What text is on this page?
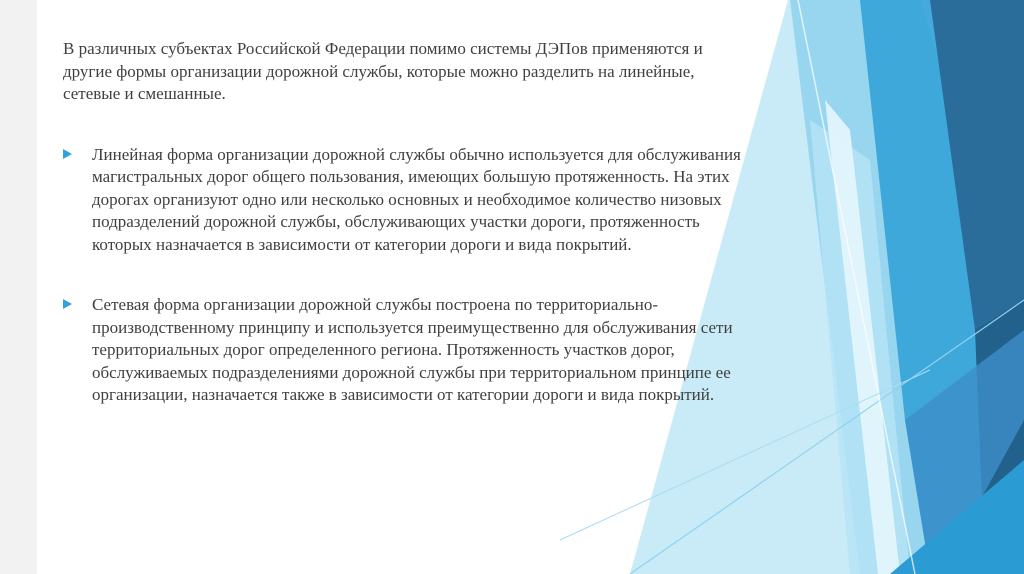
В различных субъектах Российской Федерации помимо системы ДЭПов применяются и другие формы организации дорожной службы, которые можно разделить на линейные, сетевые и смешанные.

Линейная форма организации дорожной службы обычно используется для обслуживания магистральных дорог общего пользования, имеющих большую протяженность. На этих дорогах организуют одно или несколько основных и необходимое количество низовых подразделений дорожной службы, обслуживающих участки дороги, протяженность которых назначается в зависимости от категории дороги и вида покрытий.
Сетевая форма организации дорожной службы построена по территориально-производственному принципу и используется преимущественно для обслуживания сети территориальных дорог определенного региона. Протяженность участков дорог, обслуживаемых подразделениями дорожной службы при территориальном принципе ее организации, назначается также в зависимости от категории дороги и вида покрытий.
